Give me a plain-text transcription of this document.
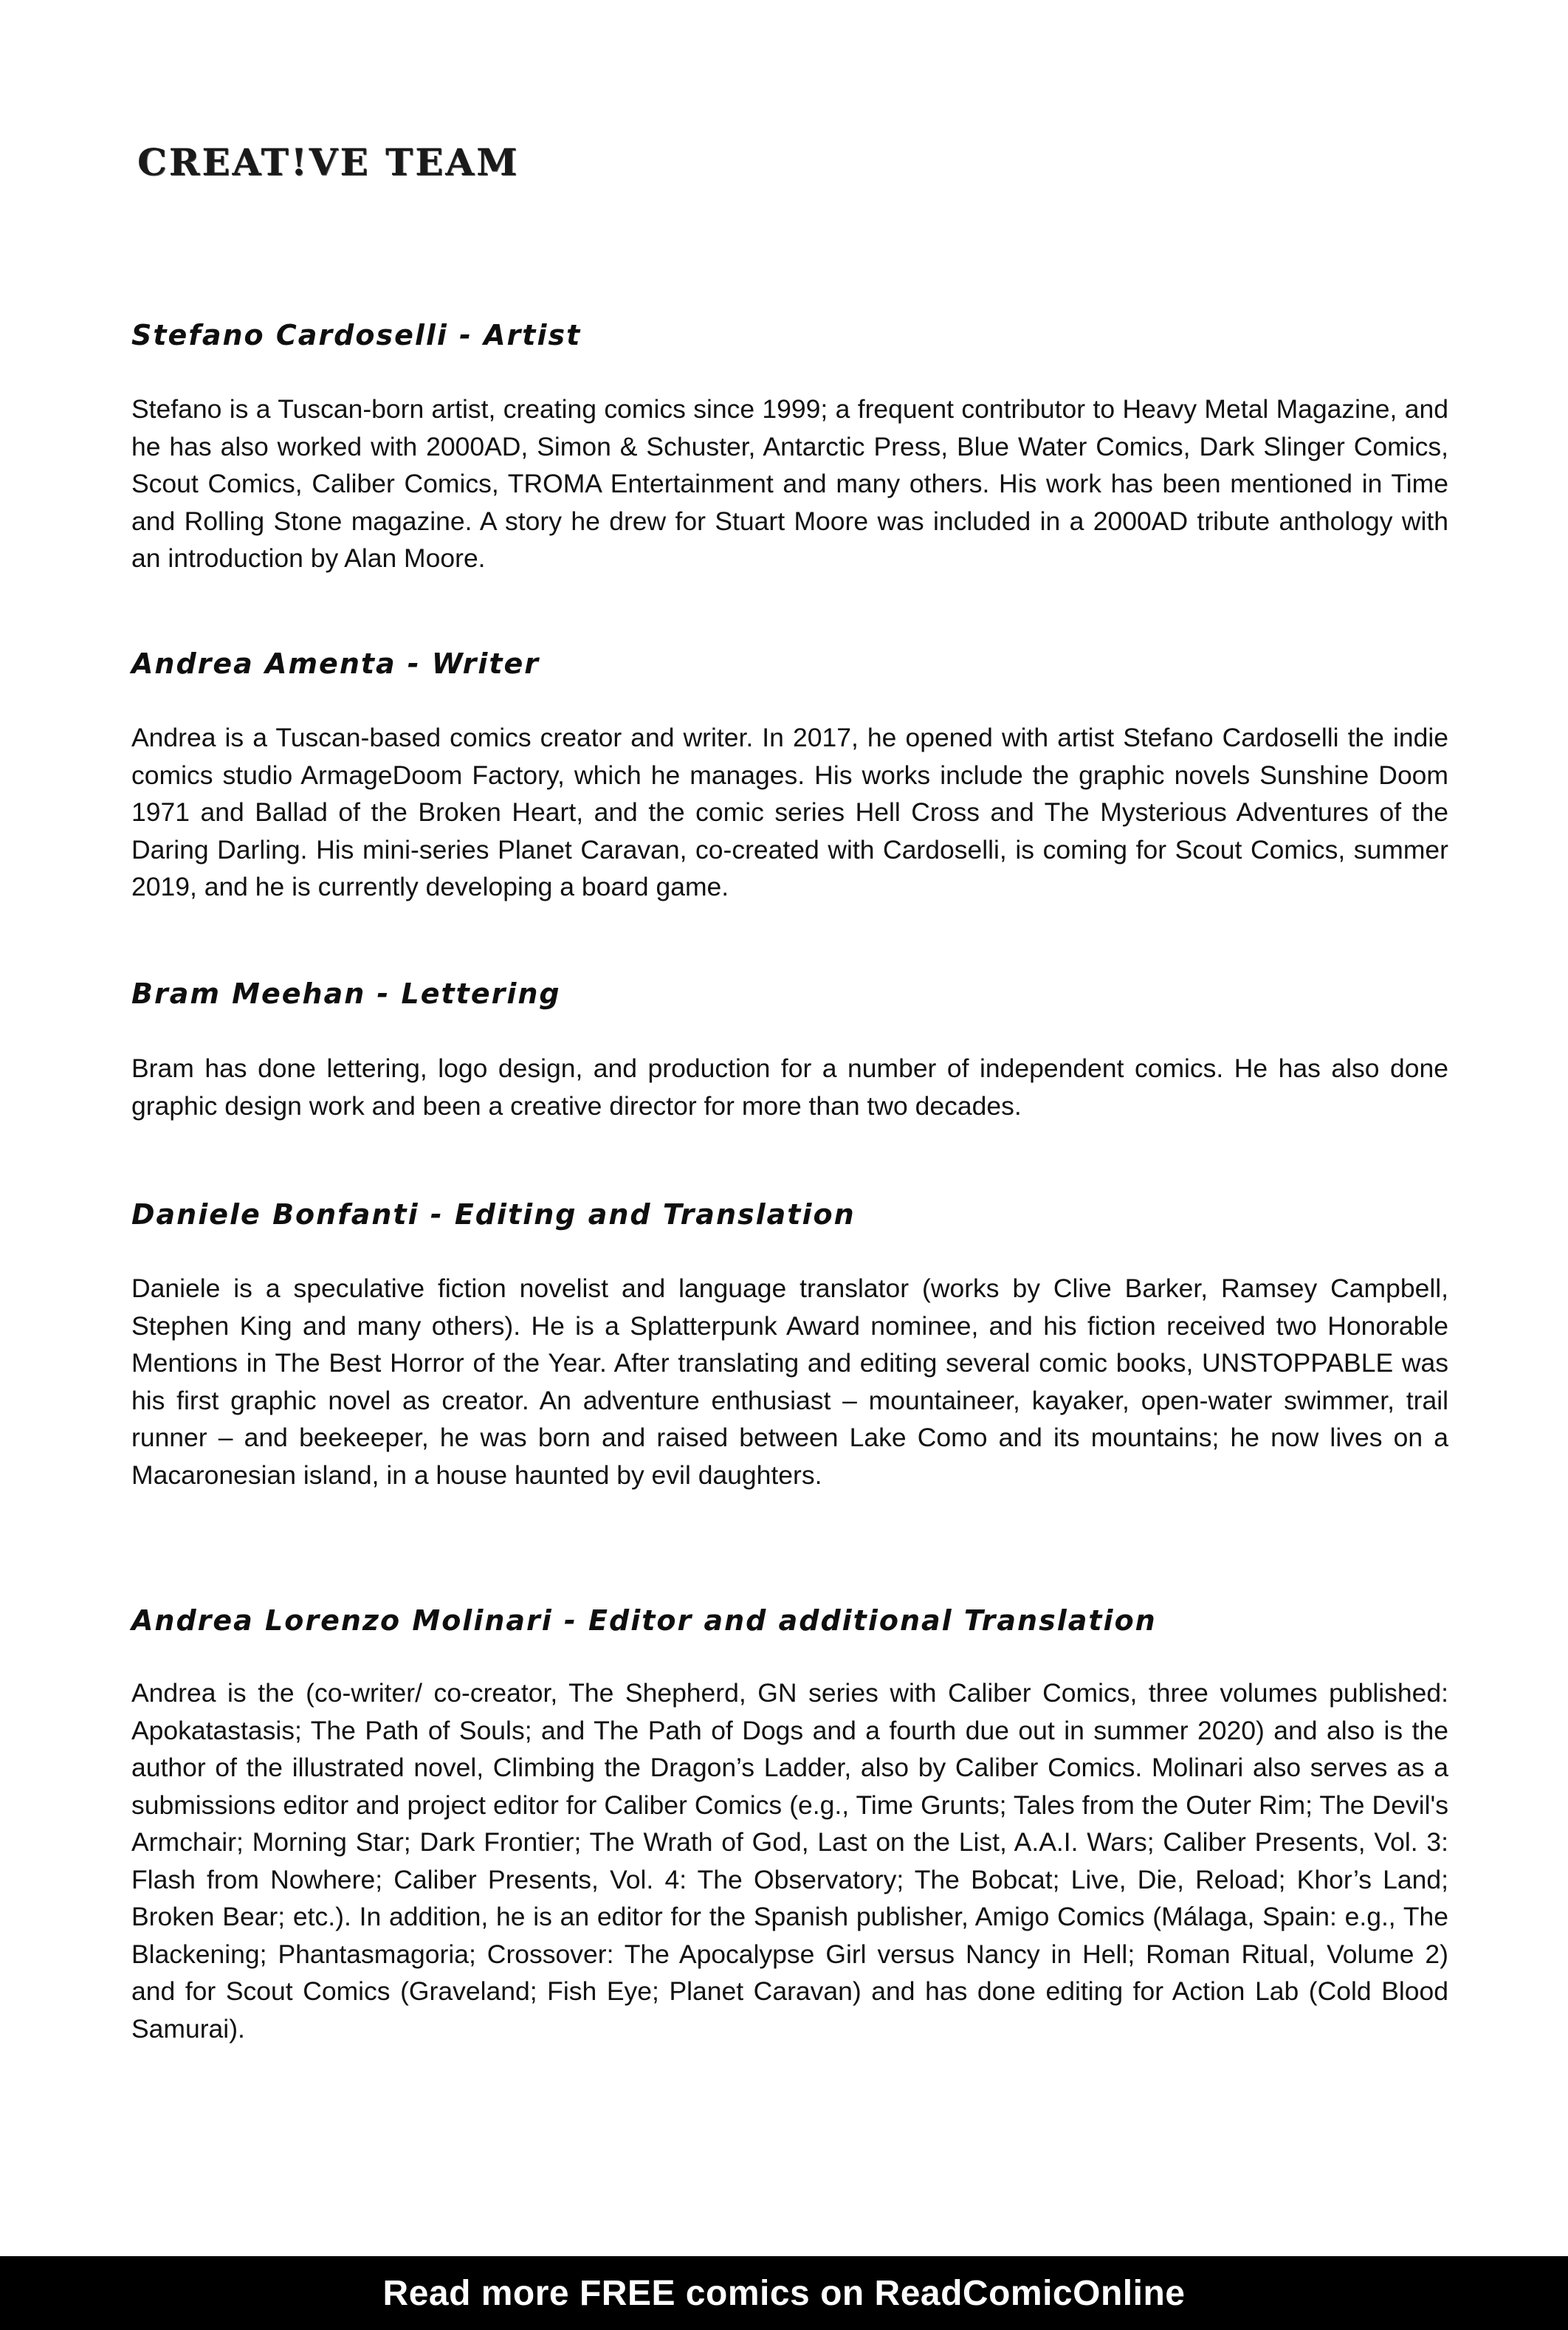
CREAT!VE TEAM
Stefano Cardoselli - Artist

Stefano is a Tuscan-born artist, creating comics since 1999; a frequent contributor to Heavy Metal Magazine, and he has also worked with 2000AD, Simon & Schuster, Antarctic Press, Blue Water Comics, Dark Slinger Comics, Scout Comics, Caliber Comics, TROMA Entertainment and many others. His work has been mentioned in Time and Rolling Stone magazine. A story he drew for Stuart Moore was included in a 2000AD tribute anthology with an introduction by Alan Moore.

Andrea Amenta - Writer

Andrea is a Tuscan-based comics creator and writer. In 2017, he opened with artist Stefano Cardoselli the indie comics studio ArmageDoom Factory, which he manages. His works include the graphic novels Sunshine Doom 1971 and Ballad of the Broken Heart, and the comic series Hell Cross and The Mysterious Adventures of the Daring Darling. His mini-series Planet Caravan, co-created with Cardoselli, is coming for Scout Comics, summer 2019, and he is currently developing a board game.

Bram Meehan - Lettering

Bram has done lettering, logo design, and production for a number of independent comics. He has also done graphic design work and been a creative director for more than two decades.

Daniele Bonfanti - Editing and Translation

Daniele is a speculative fiction novelist and language translator (works by Clive Barker, Ramsey Campbell, Stephen King and many others). He is a Splatterpunk Award nominee, and his fiction received two Honorable Mentions in The Best Horror of the Year. After translating and editing several comic books, UNSTOPPABLE was his first graphic novel as creator. An adventure enthusiast – mountaineer, kayaker, open-water swimmer, trail runner – and beekeeper, he was born and raised between Lake Como and its mountains; he now lives on a Macaronesian island, in a house haunted by evil daughters.

Andrea Lorenzo Molinari - Editor and additional Translation

Andrea is the (co-writer/ co-creator, The Shepherd, GN series with Caliber Comics, three volumes published: Apokatastasis; The Path of Souls; and The Path of Dogs and a fourth due out in summer 2020) and also is the author of the illustrated novel, Climbing the Dragon’s Ladder, also by Caliber Comics. Molinari also serves as a submissions editor and project editor for Caliber Comics (e.g., Time Grunts; Tales from the Outer Rim; The Devil's Armchair; Morning Star; Dark Frontier; The Wrath of God, Last on the List, A.A.I. Wars; Caliber Presents, Vol. 3: Flash from Nowhere; Caliber Presents, Vol. 4: The Observatory; The Bobcat; Live, Die, Reload; Khor’s Land; Broken Bear; etc.). In addition, he is an editor for the Spanish publisher, Amigo Comics (Málaga, Spain: e.g., The Blackening; Phantasmagoria; Crossover: The Apocalypse Girl versus Nancy in Hell; Roman Ritual, Volume 2) and for Scout Comics (Graveland; Fish Eye; Planet Caravan) and has done editing for Action Lab (Cold Blood Samurai).

Read more FREE comics on ReadComicOnline
